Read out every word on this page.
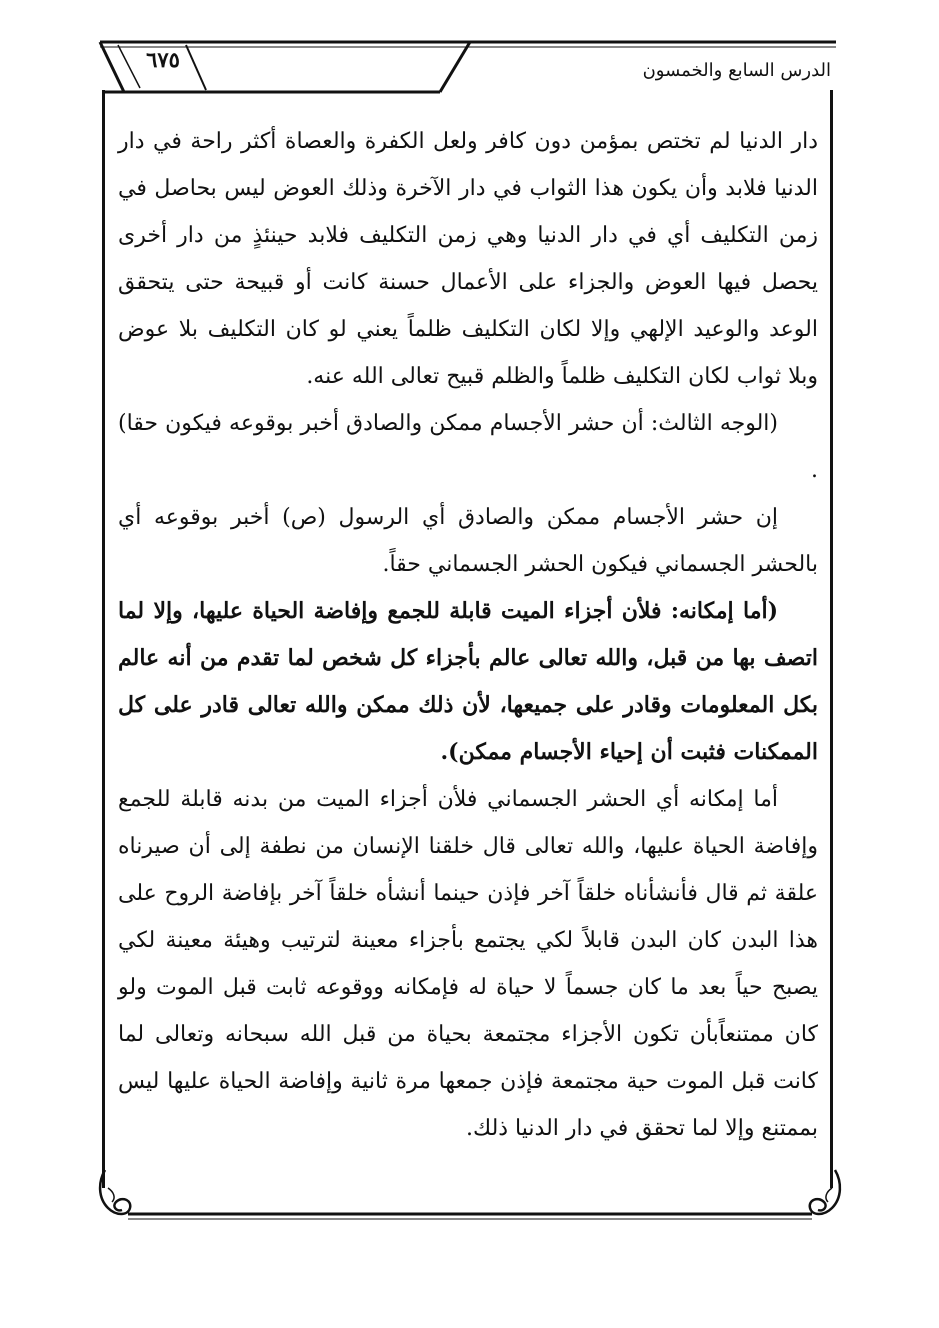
٦٧٥	الدرس السابع والخمسون

دار الدنيا لم تختص بمؤمن دون كافر ولعل الكفرة والعصاة أكثر راحة في دار الدنيا فلابد وأن يكون هذا الثواب في دار الآخرة وذلك العوض ليس بحاصل في زمن التكليف أي في دار الدنيا وهي زمن التكليف فلابد حينئذٍ من دار أخرى يحصل فيها العوض والجزاء على الأعمال حسنة كانت أو قبيحة حتى يتحقق الوعد والوعيد الإلهي وإلا لكان التكليف ظلماً يعني لو كان التكليف بلا عوض وبلا ثواب لكان التكليف ظلماً والظلم قبيح تعالى الله عنه.

(الوجه الثالث: أن حشر الأجسام ممكن والصادق أخبر بوقوعه فيكون حقا) .

إن حشر الأجسام ممكن والصادق أي الرسول (ص) أخبر بوقوعه أي بالحشر الجسماني فيكون الحشر الجسماني حقاً.

(أما إمكانه: فلأن أجزاء الميت قابلة للجمع وإفاضة الحياة عليها، وإلا لما اتصف بها من قبل، والله تعالى عالم بأجزاء كل شخص لما تقدم من أنه عالم بكل المعلومات وقادر على جميعها، لأن ذلك ممكن والله تعالى قادر على كل الممكنات فثبت أن إحياء الأجسام ممكن).

أما إمكانه أي الحشر الجسماني فلأن أجزاء الميت من بدنه قابلة للجمع وإفاضة الحياة عليها، والله تعالى قال خلقنا الإنسان من نطفة إلى أن صيرناه علقة ثم قال فأنشأناه خلقاً آخر فإذن حينما أنشأه خلقاً آخر بإفاضة الروح على هذا البدن كان البدن قابلاً لكي يجتمع بأجزاء معينة لترتيب وهيئة معينة لكي يصبح حياً بعد ما كان جسماً لا حياة له فإمكانه ووقوعه ثابت قبل الموت ولو كان ممتنعاًبأن تكون الأجزاء مجتمعة بحياة من قبل الله سبحانه وتعالى لما كانت قبل الموت حية مجتمعة فإذن جمعها مرة ثانية وإفاضة الحياة عليها ليس بممتنع وإلا لما تحقق في دار الدنيا ذلك.
